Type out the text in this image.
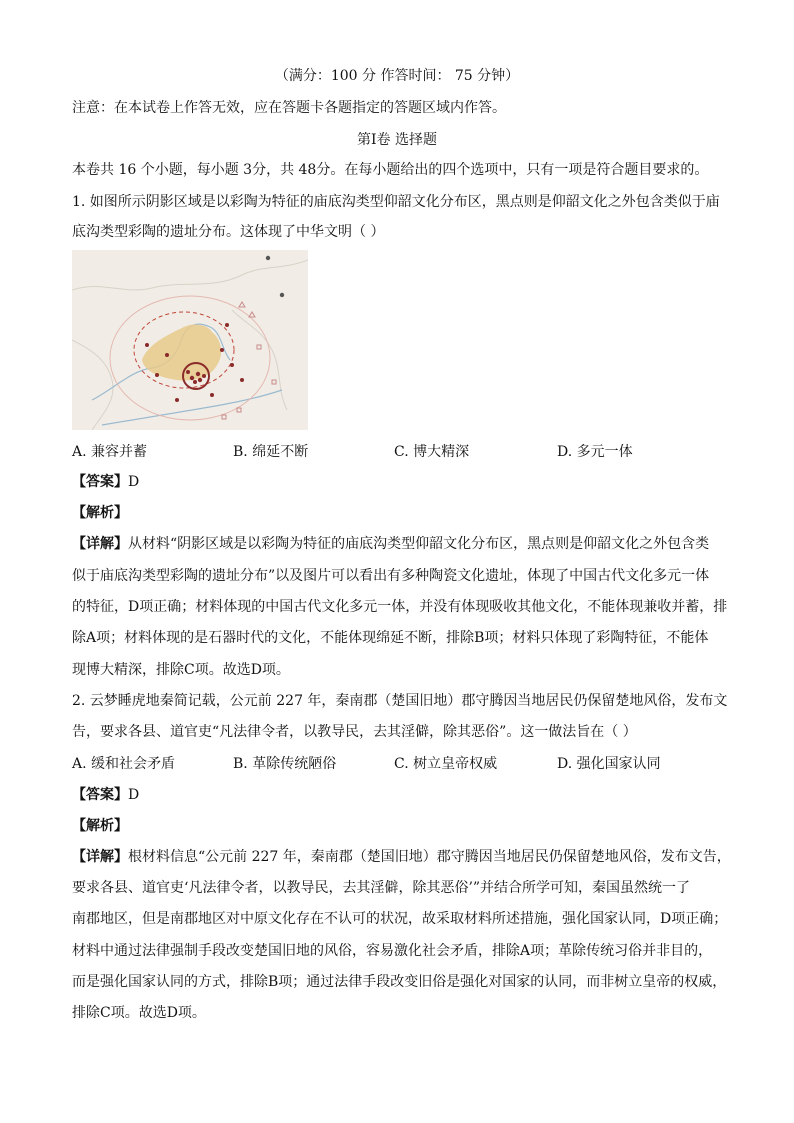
（满分：100 分 作答时间： 75 分钟）
注意：在本试卷上作答无效，应在答题卡各题指定的答题区域内作答。
第Ⅰ卷 选择题
本卷共 16 个小题，每小题 3分，共 48分。在每小题给出的四个选项中，只有一项是符合题目要求的。
1. 如图所示阴影区域是以彩陶为特征的庙底沟类型仰韶文化分布区，黑点则是仰韶文化之外包含类似于庙
底沟类型彩陶的遗址分布。这体现了中华文明（ ）
A. 兼容并蓄	B. 绵延不断	C. 博大精深	D. 多元一体
【答案】D
【解析】
【详解】从材料“阴影区域是以彩陶为特征的庙底沟类型仰韶文化分布区，黑点则是仰韶文化之外包含类
似于庙底沟类型彩陶的遗址分布”以及图片可以看出有多种陶瓷文化遗址，体现了中国古代文化多元一体
的特征，D项正确；材料体现的中国古代文化多元一体，并没有体现吸收其他文化，不能体现兼收并蓄，排
除A项；材料体现的是石器时代的文化，不能体现绵延不断，排除B项；材料只体现了彩陶特征，不能体
现博大精深，排除C项。故选D项。
2. 云梦睡虎地秦简记载，公元前 227 年，秦南郡（楚国旧地）郡守腾因当地居民仍保留楚地风俗，发布文
告，要求各县、道官吏“凡法律令者，以教导民，去其淫僻，除其恶俗”。这一做法旨在（ ）
A. 缓和社会矛盾	B. 革除传统陋俗	C. 树立皇帝权威	D. 强化国家认同
【答案】D
【解析】
【详解】根材料信息“公元前 227 年，秦南郡（楚国旧地）郡守腾因当地居民仍保留楚地风俗，发布文告，
要求各县、道官吏‘凡法律令者，以教导民，去其淫僻，除其恶俗’”并结合所学可知，秦国虽然统一了
南郡地区，但是南郡地区对中原文化存在不认可的状况，故采取材料所述措施，强化国家认同，D项正确；
材料中通过法律强制手段改变楚国旧地的风俗，容易激化社会矛盾，排除A项；革除传统习俗并非目的，
而是强化国家认同的方式，排除B项；通过法律手段改变旧俗是强化对国家的认同，而非树立皇帝的权威，
排除C项。故选D项。
